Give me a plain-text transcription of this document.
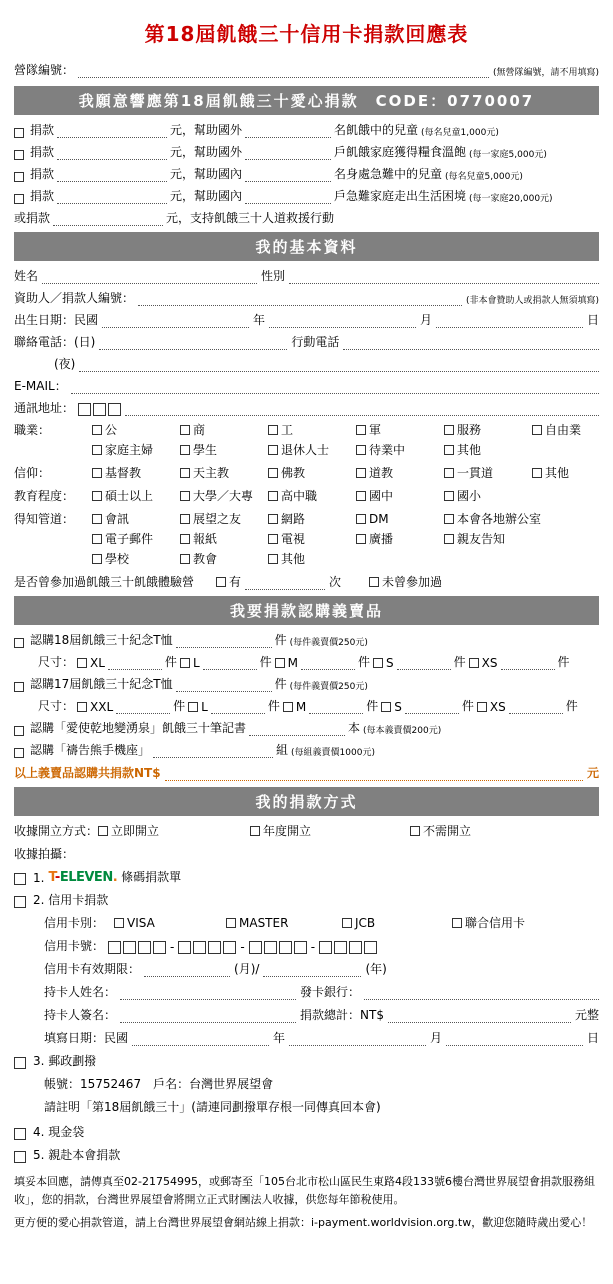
第18屆飢餓三十信用卡捐款回應表
營隊編號：	(無營隊編號，請不用填寫)
我願意響應第18屆飢餓三十愛心捐款　CODE：0770007
捐款	元，幫助國外	名飢餓中的兒童 (每名兒童1,000元)
捐款	元，幫助國外	戶飢餓家庭獲得糧食溫飽 (每一家庭5,000元)
捐款	元，幫助國內	名身處急難中的兒童 (每名兒童5,000元)
捐款	元，幫助國內	戶急難家庭走出生活困境 (每一家庭20,000元)
或捐款	元，支持飢餓三十人道救援行動
我的基本資料
姓名	性別
資助人／捐款人編號：	(非本會贊助人或捐款人無須填寫)
出生日期：民國	年	月	日
聯絡電話：(日)	行動電話
(夜)
E-MAIL：
通訊地址：
職業：	公	商	工	軍	服務	自由業
家庭主婦	學生	退休人士	待業中	其他
信仰：	基督教	天主教	佛教	道教	一貫道	其他
教育程度：	碩士以上	大學／大專 高中職	國中	國小
得知管道：	會訊	展望之友	網路	DM	本會各地辦公室
電子郵件	報紙	電視	廣播	親友告知
學校	教會	其他
是否曾參加過飢餓三十飢餓體驗營	有	次	未曾參加過
我要捐款認購義賣品
認購18屆飢餓三十紀念T恤	件 (每件義賣價250元)
尺寸： XL	件 L	件 M	件 S	件 XS	件
認購17屆飢餓三十紀念T恤	件 (每件義賣價250元)
尺寸： XXL	件 L	件 M	件 S	件 XS	件
認購「愛使乾地變湧泉」飢餓三十筆記書	本 (每本義賣價200元)
認購「禱告熊手機座」	組 (每組義賣價1000元)
以上義賣品認購共捐款NT$	元
我的捐款方式
收據開立方式： 立即開立	年度開立	不需開立
收據拍攝：
1. T-ELEVEN. 條碼捐款單
2. 信用卡捐款
信用卡別：	VISA	MASTER	JCB	聯合信用卡
信用卡號：	-	-	-
信用卡有效期限：	(月)/	(年)
持卡人姓名：	發卡銀行：
持卡人簽名：	捐款總計：NT$	元整
填寫日期：民國	年	月	日
3. 郵政劃撥
帳號：15752467　戶名：台灣世界展望會
請註明「第18屆飢餓三十」(請連同劃撥單存根一同傳真回本會)
4. 現金袋
5. 親赴本會捐款

填妥本回應，請傳真至02-21754995，或郵寄至「105台北市松山區民生東路4段133號6樓台灣世界展望會捐款服務組 收」，您的捐款，台灣世界展望會將開立正式財團法人收據，供您每年節稅使用。

更方便的愛心捐款管道，請上台灣世界展望會網站線上捐款：i-payment.worldvision.org.tw，歡迎您隨時歲出愛心！
